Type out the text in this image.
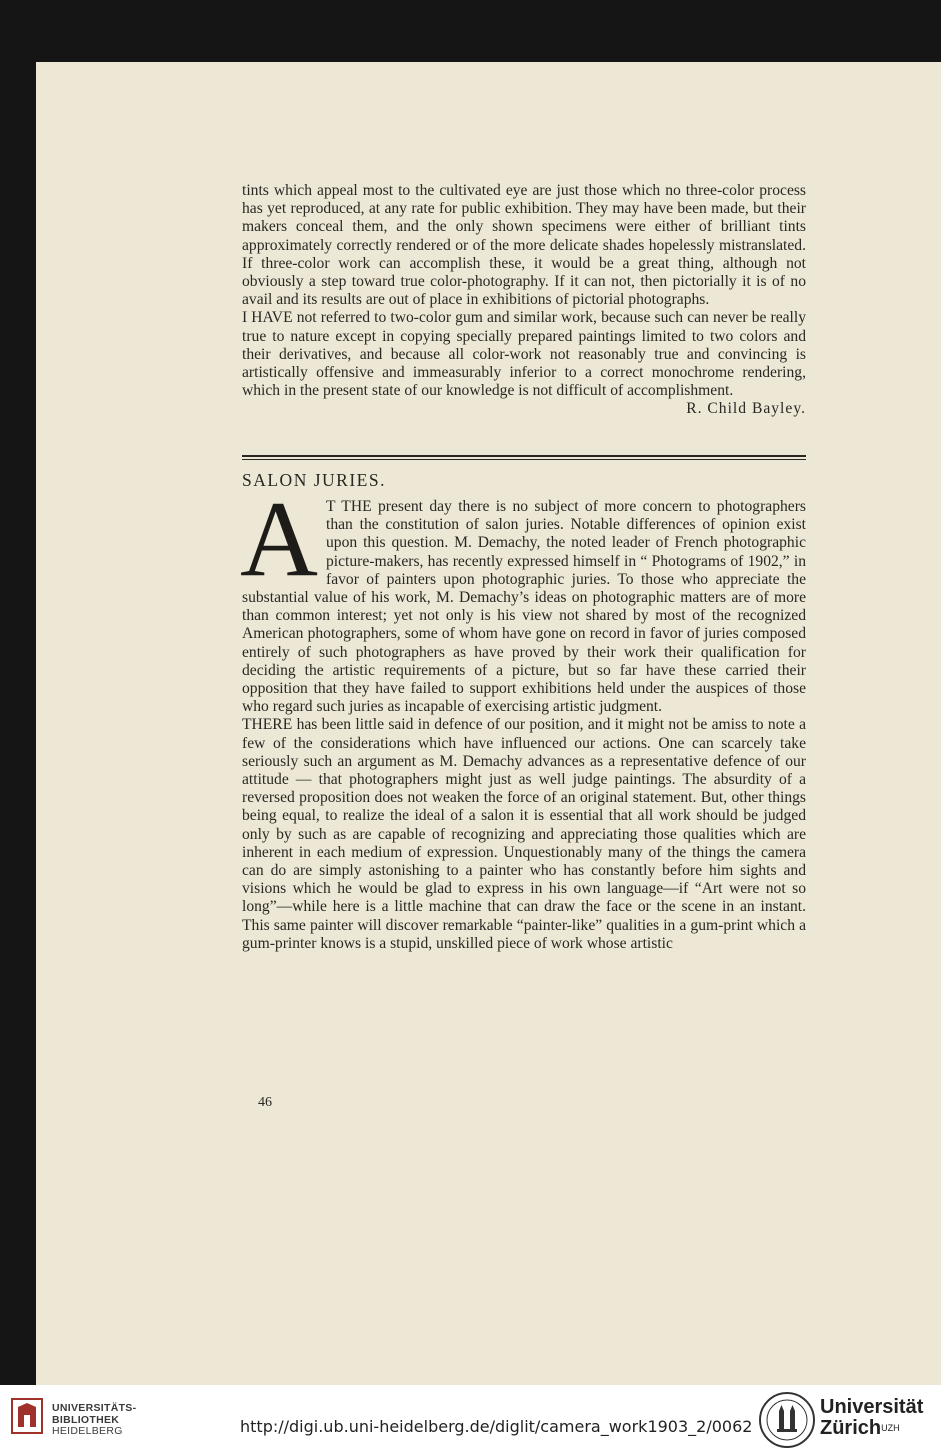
tints which appeal most to the cultivated eye are just those which no three-color process has yet reproduced, at any rate for public exhibition. They may have been made, but their makers conceal them, and the only shown specimens were either of brilliant tints approximately correctly rendered or of the more delicate shades hopelessly mistranslated. If three-color work can accomplish these, it would be a great thing, although not obviously a step toward true color-photography. If it can not, then pictorially it is of no avail and its results are out of place in exhibitions of pictorial photographs.

I HAVE not referred to two-color gum and similar work, because such can never be really true to nature except in copying specially prepared paintings limited to two colors and their derivatives, and because all color-work not reasonably true and convincing is artistically offensive and immeasurably inferior to a correct monochrome rendering, which in the present state of our knowledge is not difficult of accomplishment.

R. Child Bayley.

SALON JURIES.

A T THE present day there is no subject of more concern to photographers than the constitution of salon juries. Notable differences of opinion exist upon this question. M. Demachy, the noted leader of French photographic picture-makers, has recently expressed himself in “ Photograms of 1902,” in favor of painters upon photographic juries. To those who appreciate the substantial value of his work, M. Demachy’s ideas on photographic matters are of more than common interest; yet not only is his view not shared by most of the recognized American photographers, some of whom have gone on record in favor of juries composed entirely of such photographers as have proved by their work their qualification for deciding the artistic requirements of a picture, but so far have these carried their opposition that they have failed to support exhibitions held under the auspices of those who regard such juries as incapable of exercising artistic judgment.

THERE has been little said in defence of our position, and it might not be amiss to note a few of the considerations which have influenced our actions. One can scarcely take seriously such an argument as M. Demachy advances as a representative defence of our attitude — that photographers might just as well judge paintings. The absurdity of a reversed proposition does not weaken the force of an original statement. But, other things being equal, to realize the ideal of a salon it is essential that all work should be judged only by such as are capable of recognizing and appreciating those qualities which are inherent in each medium of expression. Unquestionably many of the things the camera can do are simply astonishing to a painter who has constantly before him sights and visions which he would be glad to express in his own language—if “Art were not so long”—while here is a little machine that can draw the face or the scene in an instant. This same painter will discover remarkable “painter-like” qualities in a gum-print which a gum-printer knows is a stupid, unskilled piece of work whose artistic

46
UNIVERSITÄTS-
BIBLIOTHEK
HEIDELBERG	http://digi.ub.uni-heidelberg.de/diglit/camera_work1903_2/0062
Universität
Zürich$^{UZH}$
